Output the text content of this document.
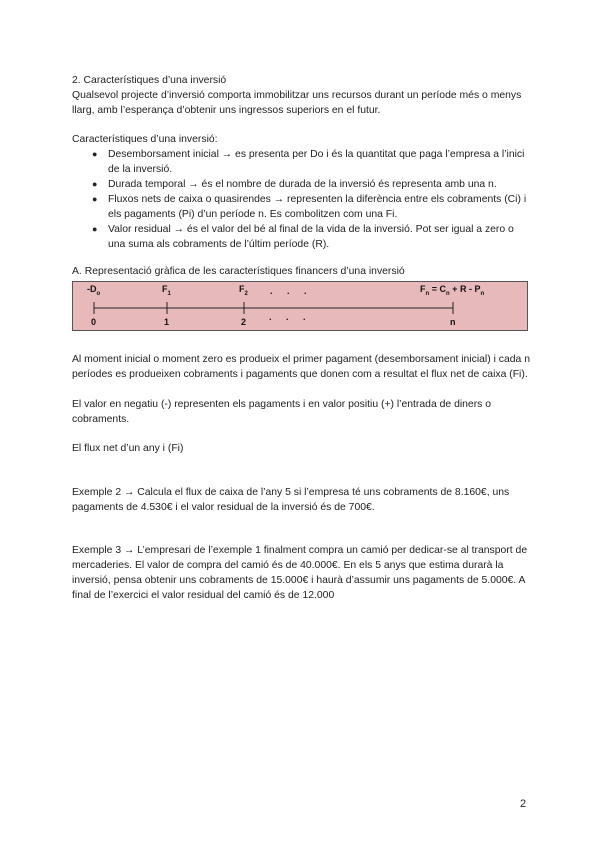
2. Característiques d’una inversió

Qualsevol projecte d’inversió comporta immobilitzar uns recursos durant un període més o menys llarg, amb l’esperança d’obtenir uns ingressos superiors en el futur.

Característiques d’una inversió:

● Desemborsament inicial → es presenta per Do i és la quantitat que paga l’empresa a l’inici de la inversió.
● Durada temporal → és el nombre de durada de la inversió és representa amb una n.
● Fluxos nets de caixa o quasirendes → representen la diferència entre els cobraments (Ci) i els pagaments (Pi) d’un període n. Es combolitzen com una Fi.
● Valor residual → és el valor del bé al final de la vida de la inversió. Pot ser igual a zero o una suma als cobraments de l’últim període (R).

A. Representació gràfica de les característiques financers d’una inversió

$-D_o$	$F_1$	$F_2$ . . .	$F_n = C_n + R - P_n$
0	1	2	. . .	n

Al moment inicial o moment zero es produeix el primer pagament (desemborsament inicial) i cada n períodes es produeixen cobraments i pagaments que donen com a resultat el flux net de caixa (Fi).

El valor en negatiu (-) representen els pagaments i en valor positiu (+) l’entrada de diners o cobraments.

El flux net d’un any i (Fi)

Exemple 2 → Calcula el flux de caixa de l’any 5 si l’empresa té uns cobraments de 8.160€, uns pagaments de 4.530€ i el valor residual de la inversió és de 700€.

Exemple 3 → L’empresari de l’exemple 1 finalment compra un camió per dedicar-se al transport de mercaderies. El valor de compra del camió és de 40.000€. En els 5 anys que estima durarà la inversió, pensa obtenir uns cobraments de 15.000€ i haurà d’assumir uns pagaments de 5.000€. A final de l’exercici el valor residual del camió és de 12.000

2
